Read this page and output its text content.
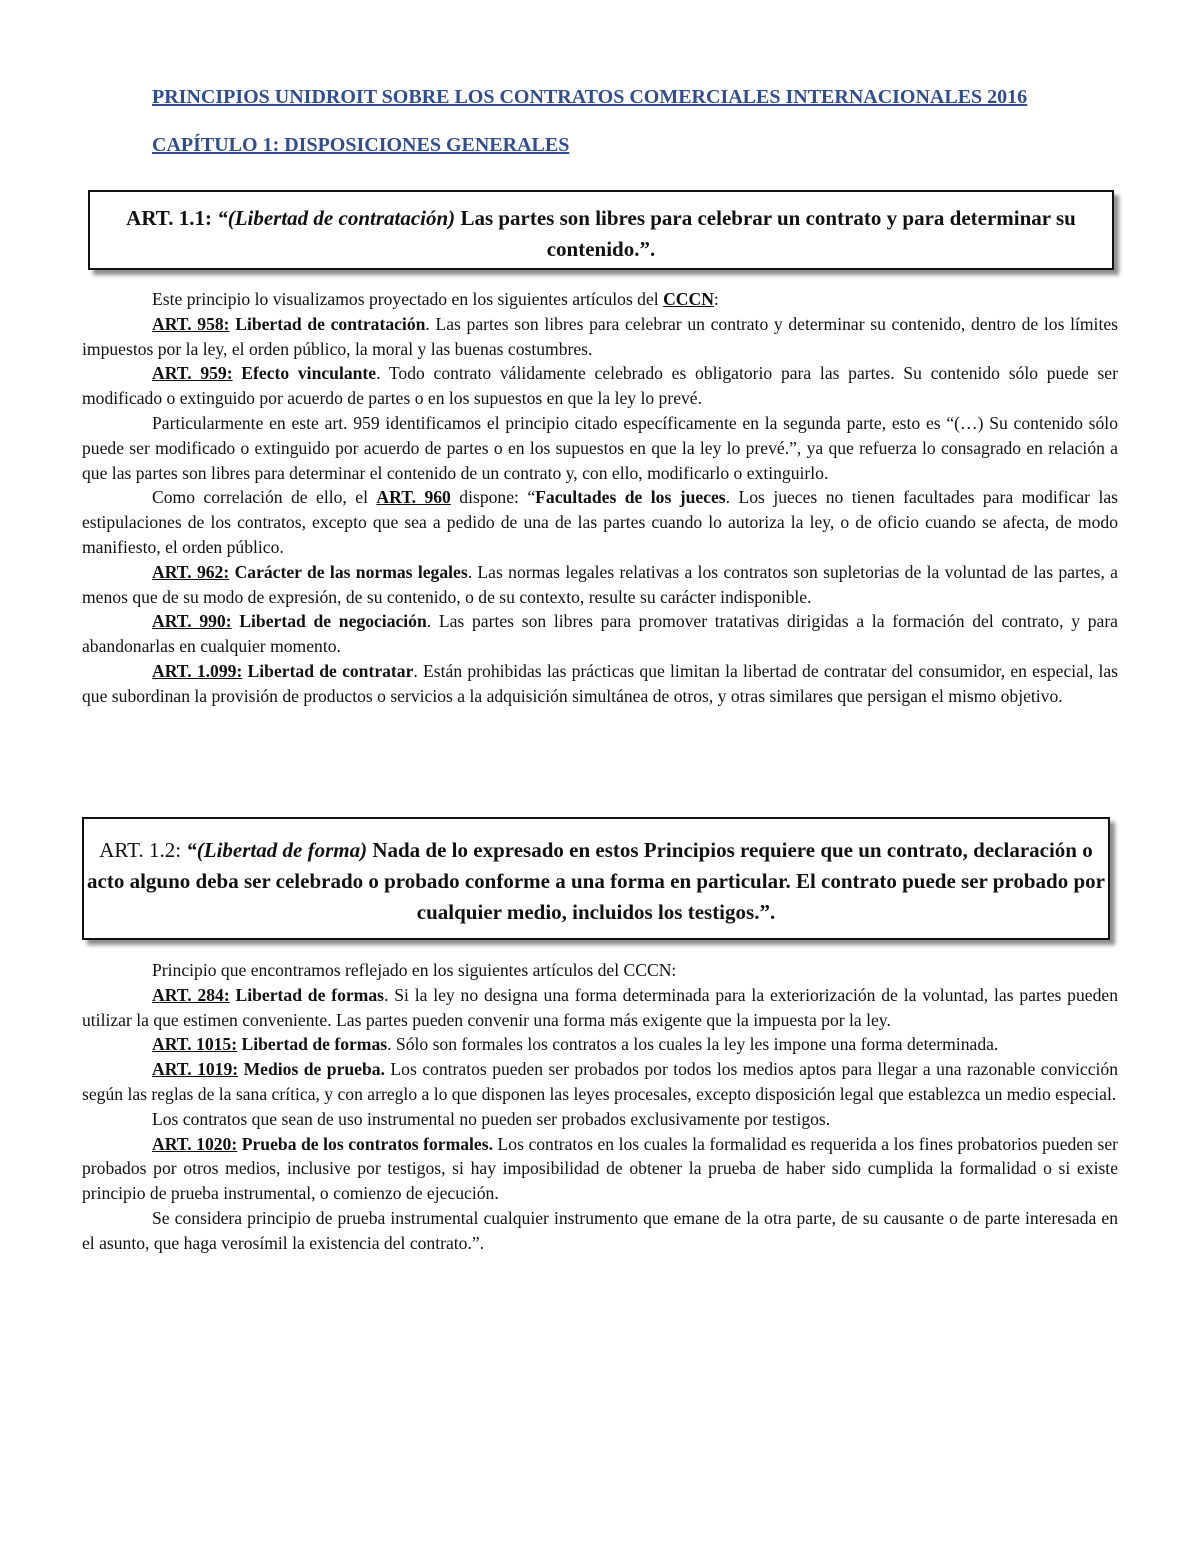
PRINCIPIOS UNIDROIT SOBRE LOS CONTRATOS COMERCIALES INTERNACIONALES 2016
CAPÍTULO 1: DISPOSICIONES GENERALES
ART. 1.1: “(Libertad de contratación) Las partes son libres para celebrar un contrato y para determinar su contenido.”.

Este principio lo visualizamos proyectado en los siguientes artículos del CCCN:

ART. 958: Libertad de contratación. Las partes son libres para celebrar un contrato y determinar su contenido, dentro de los límites impuestos por la ley, el orden público, la moral y las buenas costumbres.

ART. 959: Efecto vinculante. Todo contrato válidamente celebrado es obligatorio para las partes. Su contenido sólo puede ser modificado o extinguido por acuerdo de partes o en los supuestos en que la ley lo prevé.

Particularmente en este art. 959 identificamos el principio citado específicamente en la segunda parte, esto es “(…) Su contenido sólo puede ser modificado o extinguido por acuerdo de partes o en los supuestos en que la ley lo prevé.”, ya que refuerza lo consagrado en relación a que las partes son libres para determinar el contenido de un contrato y, con ello, modificarlo o extinguirlo.

Como correlación de ello, el ART. 960 dispone: “Facultades de los jueces. Los jueces no tienen facultades para modificar las estipulaciones de los contratos, excepto que sea a pedido de una de las partes cuando lo autoriza la ley, o de oficio cuando se afecta, de modo manifiesto, el orden público.

ART. 962: Carácter de las normas legales. Las normas legales relativas a los contratos son supletorias de la voluntad de las partes, a menos que de su modo de expresión, de su contenido, o de su contexto, resulte su carácter indisponible.

ART. 990: Libertad de negociación. Las partes son libres para promover tratativas dirigidas a la formación del contrato, y para abandonarlas en cualquier momento.

ART. 1.099: Libertad de contratar. Están prohibidas las prácticas que limitan la libertad de contratar del consumidor, en especial, las que subordinan la provisión de productos o servicios a la adquisición simultánea de otros, y otras similares que persigan el mismo objetivo.

ART. 1.2: “(Libertad de forma) Nada de lo expresado en estos Principios requiere que un contrato, declaración o acto alguno deba ser celebrado o probado conforme a una forma en particular. El contrato puede ser probado por cualquier medio, incluidos los testigos.”.

Principio que encontramos reflejado en los siguientes artículos del CCCN:

ART. 284: Libertad de formas. Si la ley no designa una forma determinada para la exteriorización de la voluntad, las partes pueden utilizar la que estimen conveniente. Las partes pueden convenir una forma más exigente que la impuesta por la ley.

ART. 1015: Libertad de formas. Sólo son formales los contratos a los cuales la ley les impone una forma determinada.

ART. 1019: Medios de prueba. Los contratos pueden ser probados por todos los medios aptos para llegar a una razonable convicción según las reglas de la sana crítica, y con arreglo a lo que disponen las leyes procesales, excepto disposición legal que establezca un medio especial.

Los contratos que sean de uso instrumental no pueden ser probados exclusivamente por testigos.

ART. 1020: Prueba de los contratos formales. Los contratos en los cuales la formalidad es requerida a los fines probatorios pueden ser probados por otros medios, inclusive por testigos, si hay imposibilidad de obtener la prueba de haber sido cumplida la formalidad o si existe principio de prueba instrumental, o comienzo de ejecución.

Se considera principio de prueba instrumental cualquier instrumento que emane de la otra parte, de su causante o de parte interesada en el asunto, que haga verosímil la existencia del contrato.”.
